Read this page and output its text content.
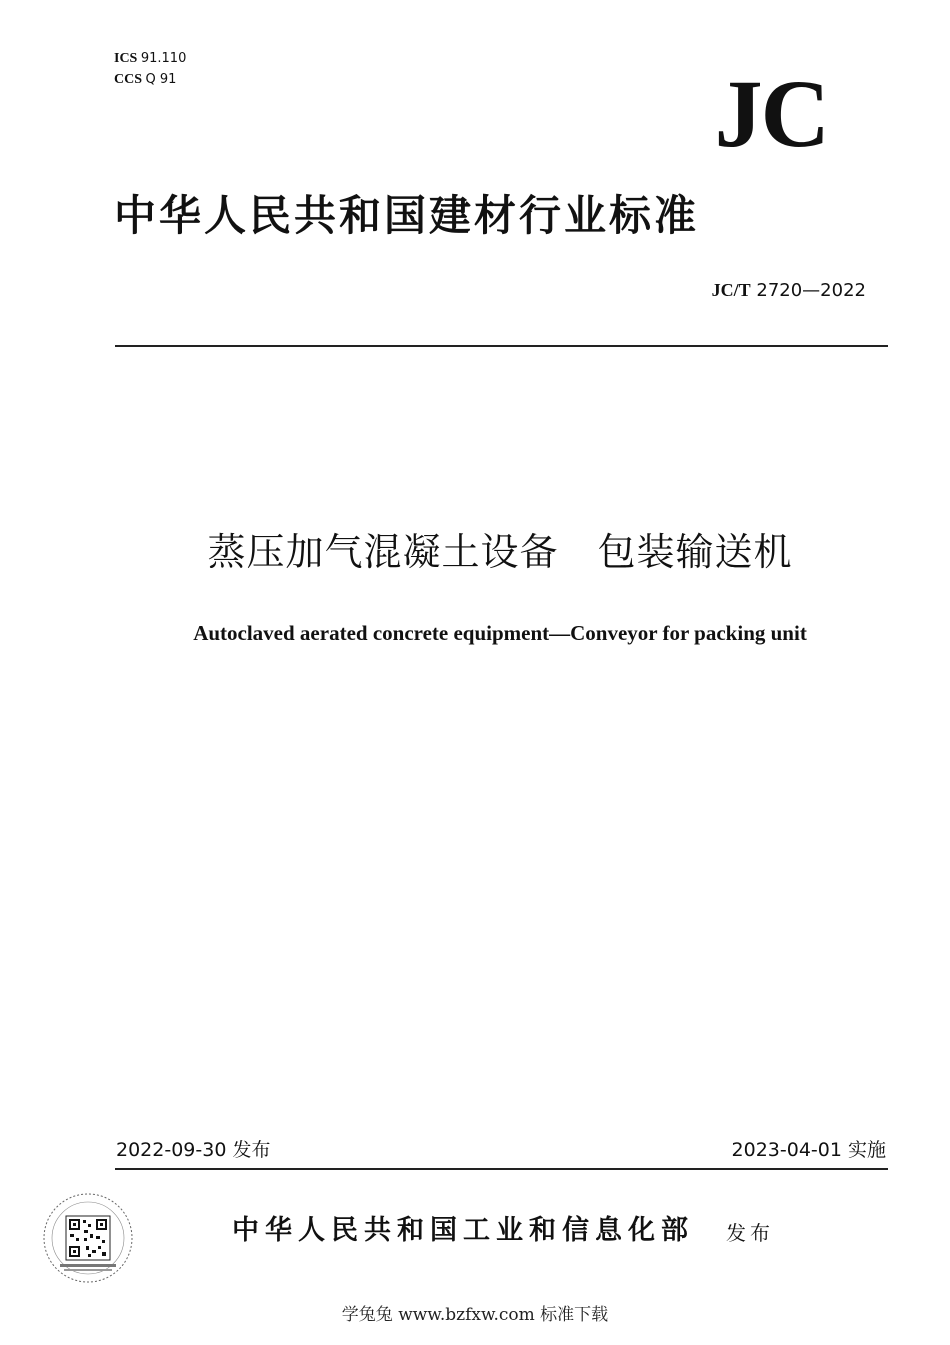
ICS 91.110
CCS Q 91	JC
中华人民共和国建材行业标准
JC/T 2720—2022
蒸压加气混凝土设备　包装输送机
Autoclaved aerated concrete equipment—Conveyor for packing unit
2022-09-30 发布	2023-04-01 实施
中华人民共和国工业和信息化部 发布
学兔兔 www.bzfxw.com 标准下载
